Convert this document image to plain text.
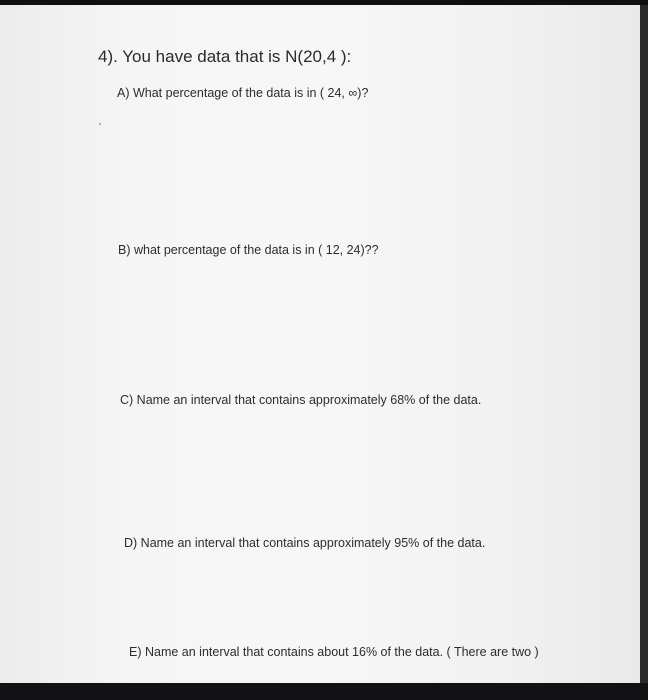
4). You have data that is N(20,4 ):
A) What percentage of the data is in ( 24, ∞)?
B) what percentage of the data is in ( 12, 24)??
C) Name an interval that contains approximately 68% of the data.
D) Name an interval that contains approximately 95% of the data.
E) Name an interval that contains about 16% of the data. ( There are two )
